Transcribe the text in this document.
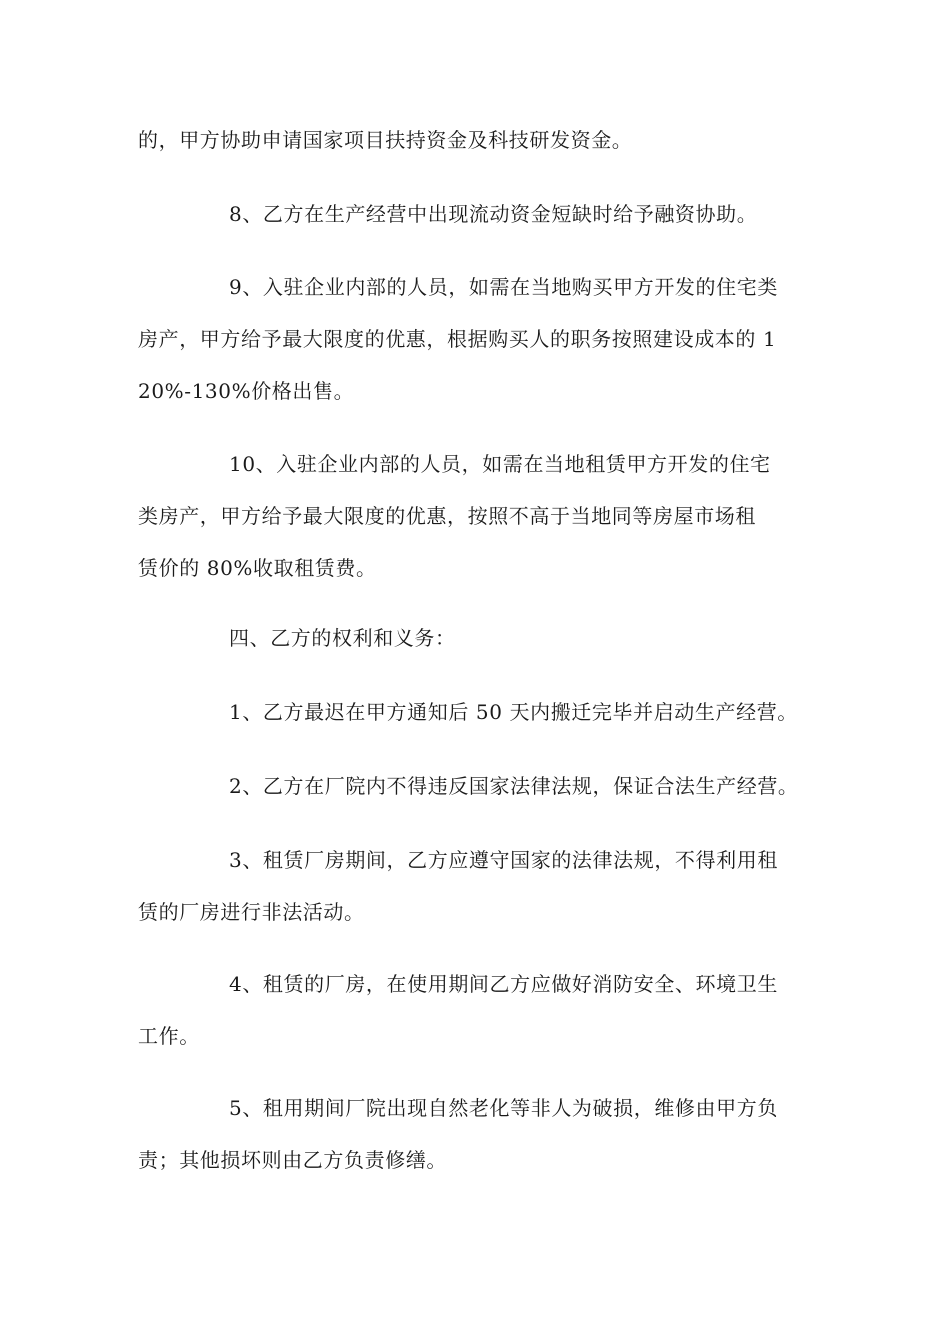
的，甲方协助申请国家项目扶持资金及科技研发资金。

8、乙方在生产经营中出现流动资金短缺时给予融资协助。

9、入驻企业内部的人员，如需在当地购买甲方开发的住宅类
房产，甲方给予最大限度的优惠，根据购买人的职务按照建设成本的 1
20%-130%价格出售。

10、入驻企业内部的人员，如需在当地租赁甲方开发的住宅
类房产，甲方给予最大限度的优惠，按照不高于当地同等房屋市场租
赁价的 80%收取租赁费。

四、乙方的权利和义务：

1、乙方最迟在甲方通知后 50 天内搬迁完毕并启动生产经营。

2、乙方在厂院内不得违反国家法律法规，保证合法生产经营。

3、租赁厂房期间，乙方应遵守国家的法律法规，不得利用租
赁的厂房进行非法活动。

4、租赁的厂房，在使用期间乙方应做好消防安全、环境卫生
工作。

5、租用期间厂院出现自然老化等非人为破损，维修由甲方负
责；其他损坏则由乙方负责修缮。
